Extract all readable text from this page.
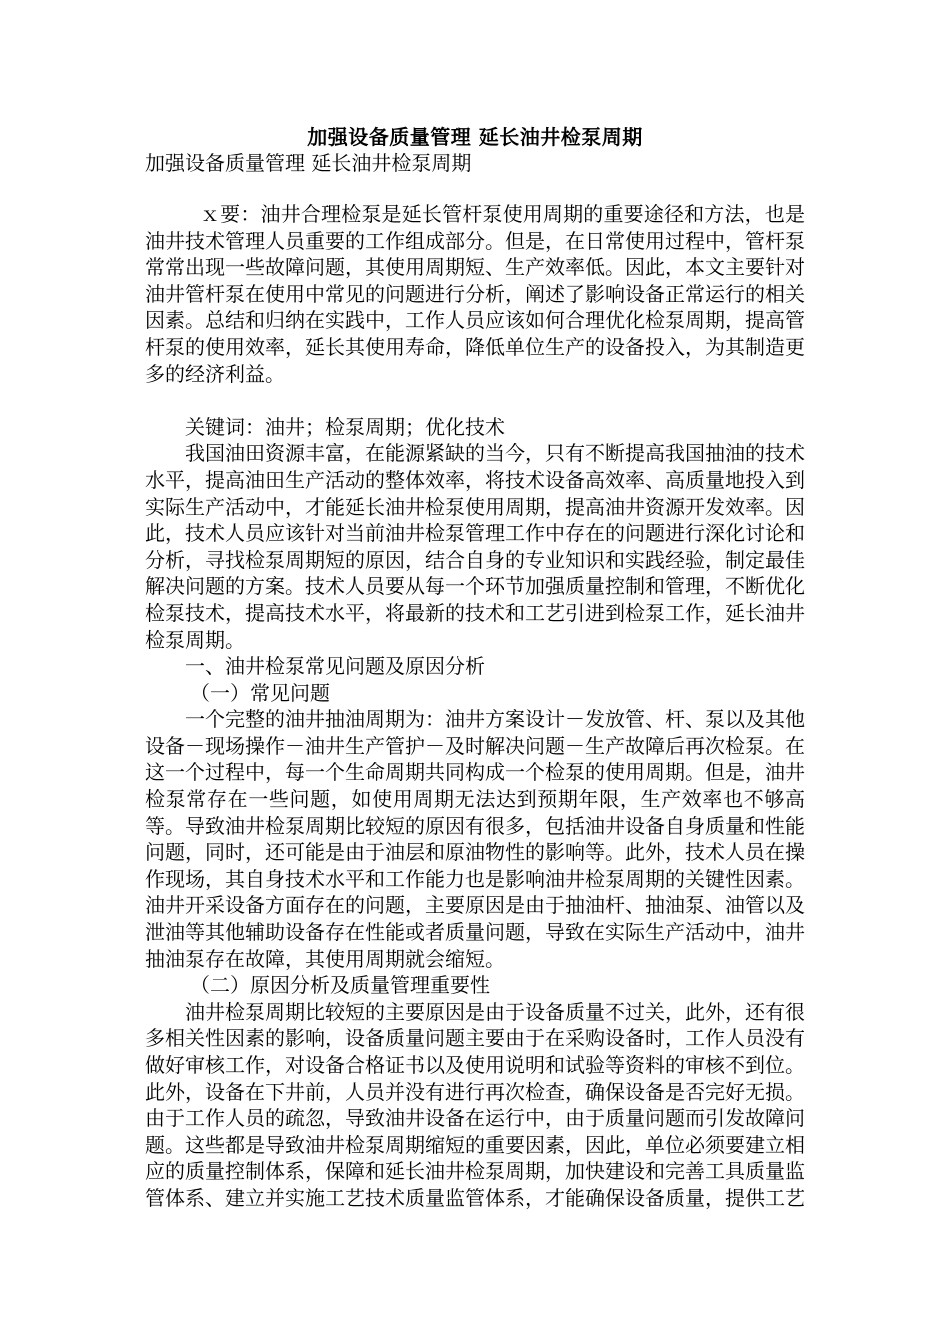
加强设备质量管理 延长油井检泵周期
加强设备质量管理 延长油井检泵周期

ｘ要：油井合理检泵是延长管杆泵使用周期的重要途径和方法，也是油井技术管理人员重要的工作组成部分。但是，在日常使用过程中，管杆泵常常出现一些故障问题，其使用周期短、生产效率低。因此，本文主要针对油井管杆泵在使用中常见的问题进行分析，阐述了影响设备正常运行的相关因素。总结和归纳在实践中，工作人员应该如何合理优化检泵周期，提高管杆泵的使用效率，延长其使用寿命，降低单位生产的设备投入，为其制造更多的经济利益。

关键词：油井；检泵周期；优化技术

我国油田资源丰富，在能源紧缺的当今，只有不断提高我国抽油的技术水平，提高油田生产活动的整体效率，将技术设备高效率、高质量地投入到实际生产活动中，才能延长油井检泵使用周期，提高油井资源开发效率。因此，技术人员应该针对当前油井检泵管理工作中存在的问题进行深化讨论和分析，寻找检泵周期短的原因，结合自身的专业知识和实践经验，制定最佳解决问题的方案。技术人员要从每一个环节加强质量控制和管理，不断优化检泵技术，提高技术水平，将最新的技术和工艺引进到检泵工作，延长油井检泵周期。

一、油井检泵常见问题及原因分析

（一）常见问题

一个完整的油井抽油周期为：油井方案设计－发放管、杆、泵以及其他设备－现场操作－油井生产管护－及时解决问题－生产故障后再次检泵。在这一个过程中，每一个生命周期共同构成一个检泵的使用周期。但是，油井检泵常存在一些问题，如使用周期无法达到预期年限，生产效率也不够高等。导致油井检泵周期比较短的原因有很多，包括油井设备自身质量和性能问题，同时，还可能是由于油层和原油物性的影响等。此外，技术人员在操作现场，其自身技术水平和工作能力也是影响油井检泵周期的关键性因素。油井开采设备方面存在的问题，主要原因是由于抽油杆、抽油泵、油管以及泄油等其他辅助设备存在性能或者质量问题，导致在实际生产活动中，油井抽油泵存在故障，其使用周期就会缩短。

（二）原因分析及质量管理重要性

油井检泵周期比较短的主要原因是由于设备质量不过关，此外，还有很多相关性因素的影响，设备质量问题主要由于在采购设备时，工作人员没有做好审核工作，对设备合格证书以及使用说明和试验等资料的审核不到位。此外，设备在下井前，人员并没有进行再次检查，确保设备是否完好无损。由于工作人员的疏忽，导致油井设备在运行中，由于质量问题而引发故障问题。这些都是导致油井检泵周期缩短的重要因素，因此，单位必须要建立相应的质量控制体系，保障和延长油井检泵周期，加快建设和完善工具质量监管体系、建立并实施工艺技术质量监管体系，才能确保设备质量，提供工艺
